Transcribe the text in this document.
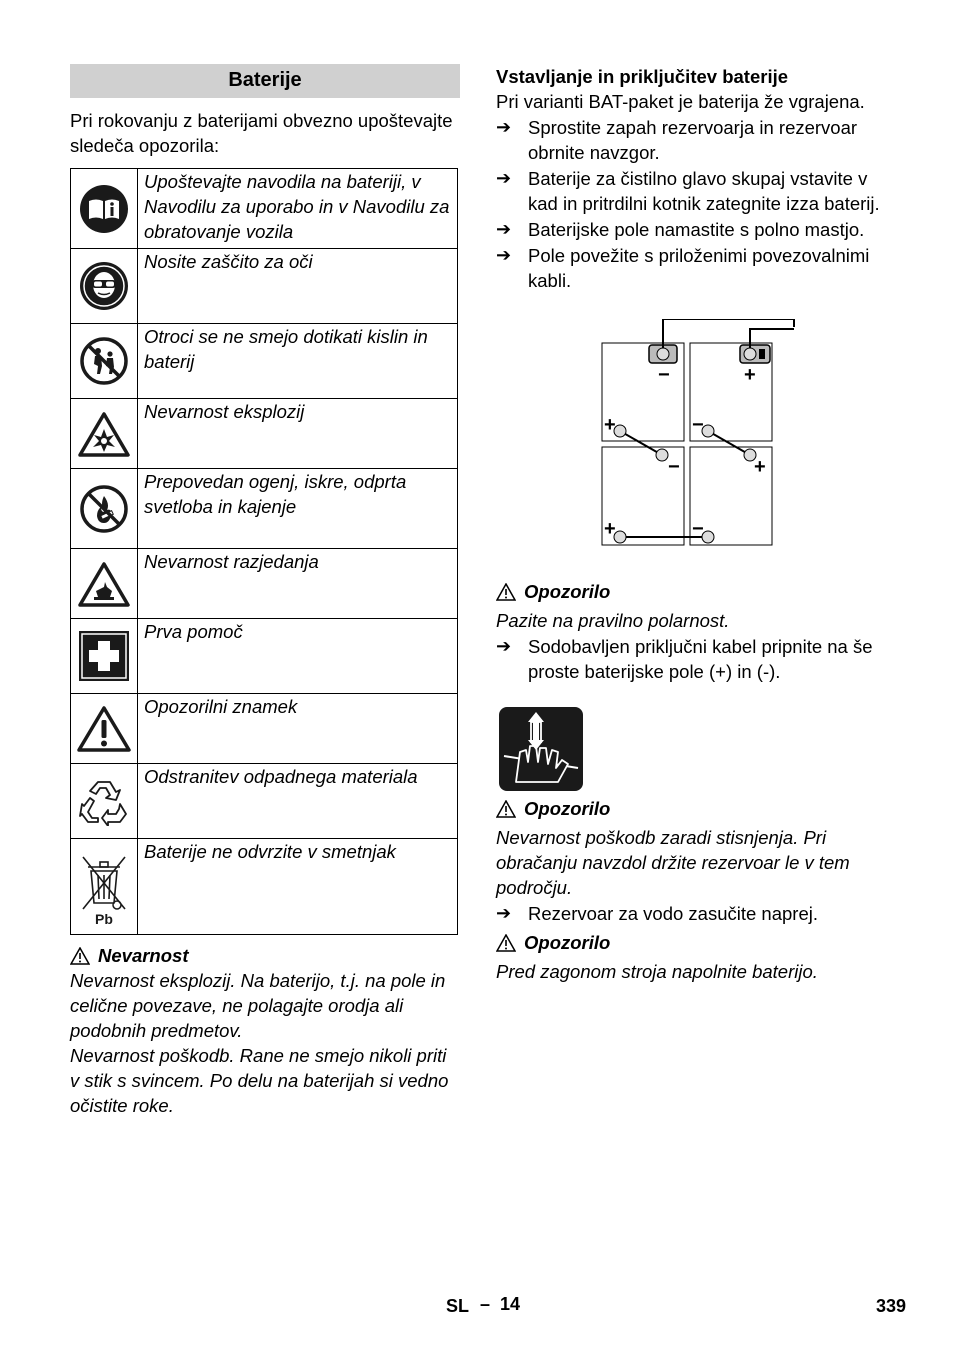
Baterije

Pri rokovanju z baterijami obvezno upoštevajte sledeča opozorila:

	Upoštevajte navodila na bateriji, v Navodilu za uporabo in v Navodilu za obratovanje vozila

	Nosite zaščito za oči

	Otroci se ne smejo dotikati kislin in baterij

	Nevarnost eksplozij

	Prepovedan ogenj, iskre, odprta svetloba in kajenje

	Nevarnost razjedanja

	Prva pomoč

	Opozorilni znamek

	Odstranitev odpadnega materiala

Pb	Baterije ne odvrzite v smetnjak
Nevarnost

Nevarnost eksplozij. Na baterijo, t.j. na pole in celične povezave, ne polagajte orodja ali podobnih predmetov.

Nevarnost poškodb. Rane ne smejo nikoli priti v stik s svincem. Po delu na baterijah si vedno očistite roke.

Vstavljanje in priključitev baterije

Pri varianti BAT-paket je baterija že vgrajena.

➔ Sprostite zapah rezervoarja in rezervoar obrnite navzgor.
➔ Baterije za čistilno glavo skupaj vstavite v kad in pritrdilni kotnik zategnite izza baterij.
➔ Baterijske pole namastite s polno mastjo.
➔ Pole povežite s priloženimi povezovalnimi kabli.
−	+
+	−
−	+
+	−
Opozorilo

Pazite na pravilno polarnost.

➔ Sodobavljen priključni kabel pripnite na še proste baterijske pole (+) in (-).
Opozorilo

Nevarnost poškodb zaradi stisnjenja. Pri obračanju navzdol držite rezervoar le v tem področju.

➔ Rezervoar za vodo zasučite naprej.
Opozorilo

Pred zagonom stroja napolnite baterijo.

SL – 14	339
